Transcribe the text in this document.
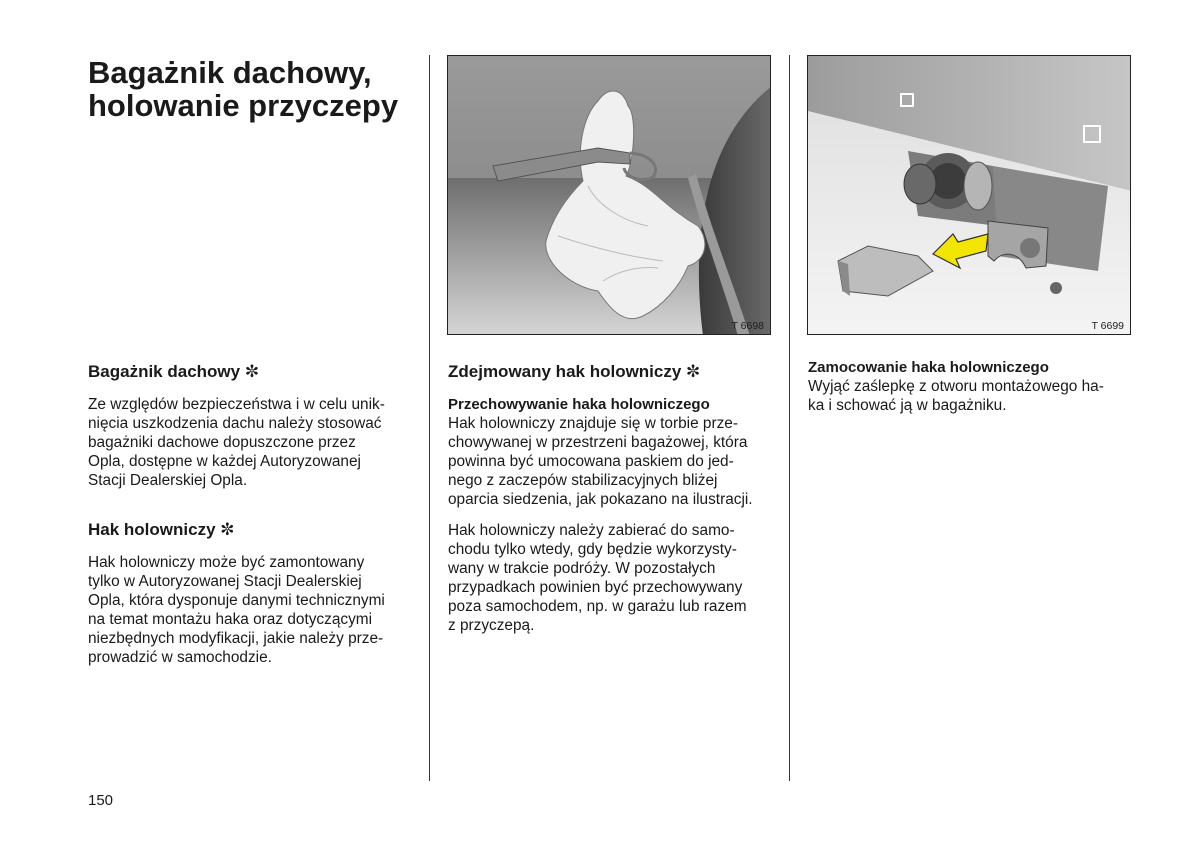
Bagażnik dachowy,
holowanie przyczepy
Bagażnik dachowy ✼

Ze względów bezpieczeństwa i w celu unik-

nięcia uszkodzenia dachu należy stosować

bagażniki dachowe dopuszczone przez

Opla, dostępne w każdej Autoryzowanej

Stacji Dealerskiej Opla.

Hak holowniczy ✼

Hak holowniczy może być zamontowany

tylko w Autoryzowanej Stacji Dealerskiej

Opla, która dysponuje danymi technicznymi

na temat montażu haka oraz dotyczącymi

niezbędnych modyfikacji, jakie należy prze-

prowadzić w samochodzie.

T 6698	T 6699
Zdejmowany hak holowniczy ✼
Przechowywanie haka holowniczego

Hak holowniczy znajduje się w torbie prze-

chowywanej w przestrzeni bagażowej, która

powinna być umocowana paskiem do jed-

nego z zaczepów stabilizacyjnych bliżej

oparcia siedzenia, jak pokazano na ilustracji.

Hak holowniczy należy zabierać do samo-

chodu tylko wtedy, gdy będzie wykorzysty-

wany w trakcie podróży. W pozostałych

przypadkach powinien być przechowywany

poza samochodem, np. w garażu lub razem

z przyczepą.

Zamocowanie haka holowniczego

Wyjąć zaślepkę z otworu montażowego ha-

ka i schować ją w bagażniku.

150
